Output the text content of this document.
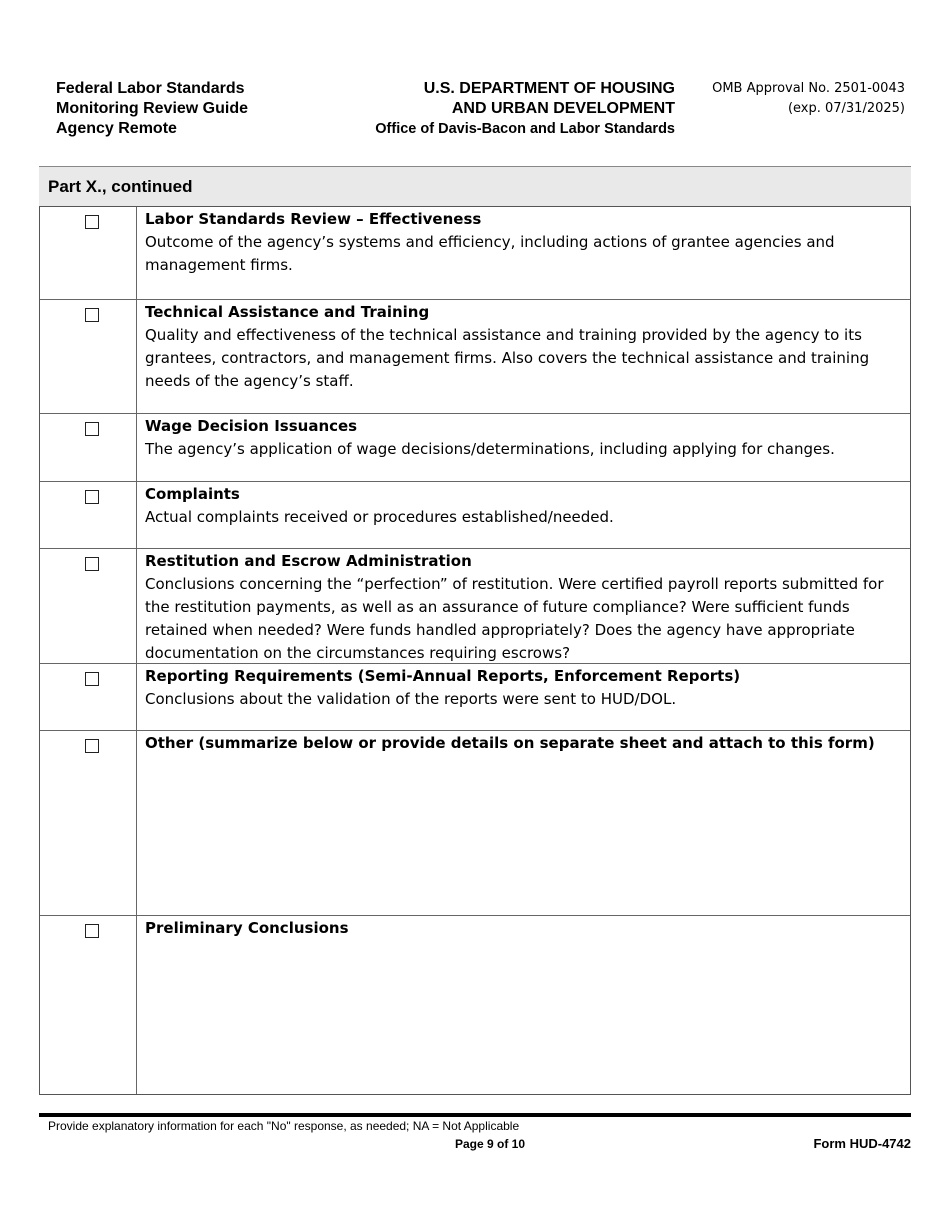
Federal Labor Standards
Monitoring Review Guide
Agency Remote
U.S. DEPARTMENT OF HOUSING
AND URBAN DEVELOPMENT
Office of Davis-Bacon and Labor Standards
OMB Approval No. 2501-0043
(exp. 07/31/2025)
Part X., continued
Labor Standards Review – Effectiveness
Outcome of the agency’s systems and efficiency, including actions of grantee agencies and management firms.
Technical Assistance and Training
Quality and effectiveness of the technical assistance and training provided by the agency to its grantees, contractors, and management firms. Also covers the technical assistance and training needs of the agency’s staff.
Wage Decision Issuances
The agency’s application of wage decisions/determinations, including applying for changes.
Complaints
Actual complaints received or procedures established/needed.
Restitution and Escrow Administration
Conclusions concerning the “perfection” of restitution. Were certified payroll reports submitted for the restitution payments, as well as an assurance of future compliance? Were sufficient funds retained when needed? Were funds handled appropriately? Does the agency have appropriate documentation on the circumstances requiring escrows?
Reporting Requirements (Semi-Annual Reports, Enforcement Reports)
Conclusions about the validation of the reports were sent to HUD/DOL.
Other (summarize below or provide details on separate sheet and attach to this form)
Preliminary Conclusions
Provide explanatory information for each "No" response, as needed; NA = Not Applicable
Page 9 of 10	Form HUD-4742
